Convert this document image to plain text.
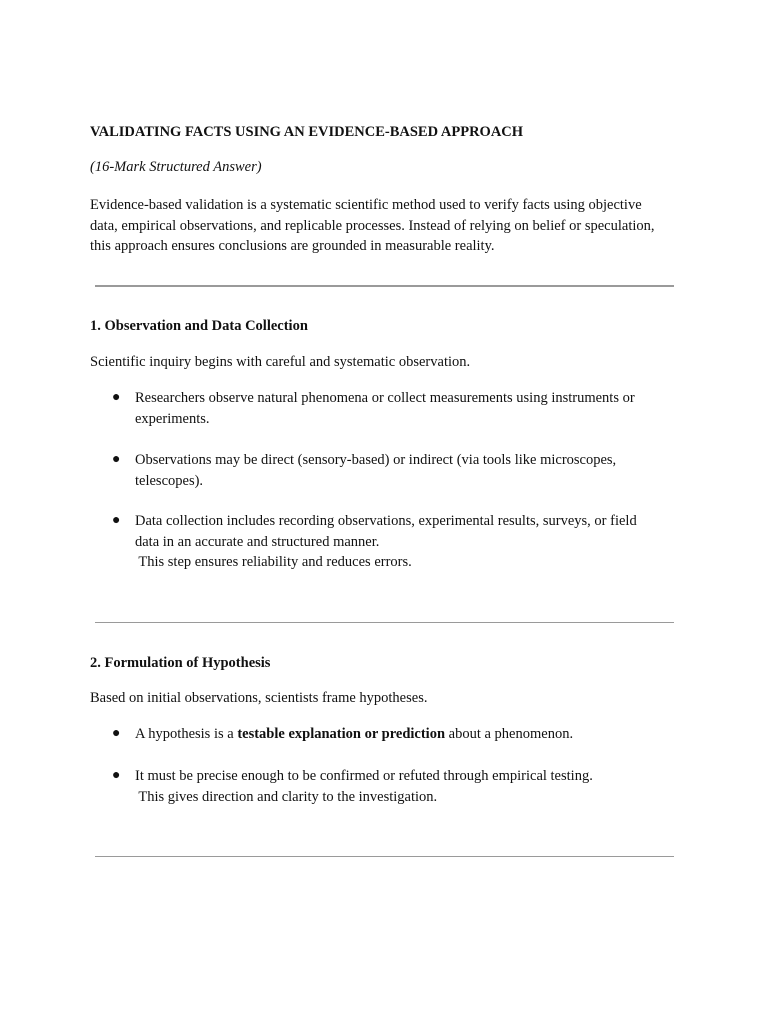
VALIDATING FACTS USING AN EVIDENCE-BASED APPROACH
(16-Mark Structured Answer)
Evidence-based validation is a systematic scientific method used to verify facts using objective
data, empirical observations, and replicable processes. Instead of relying on belief or speculation,
this approach ensures conclusions are grounded in measurable reality.
1. Observation and Data Collection
Scientific inquiry begins with careful and systematic observation.
● Researchers observe natural phenomena or collect measurements using instruments or
experiments.
● Observations may be direct (sensory-based) or indirect (via tools like microscopes,
telescopes).
● Data collection includes recording observations, experimental results, surveys, or field
data in an accurate and structured manner.
This step ensures reliability and reduces errors.
2. Formulation of Hypothesis
Based on initial observations, scientists frame hypotheses.
● A hypothesis is a testable explanation or prediction about a phenomenon.
● It must be precise enough to be confirmed or refuted through empirical testing.
This gives direction and clarity to the investigation.
